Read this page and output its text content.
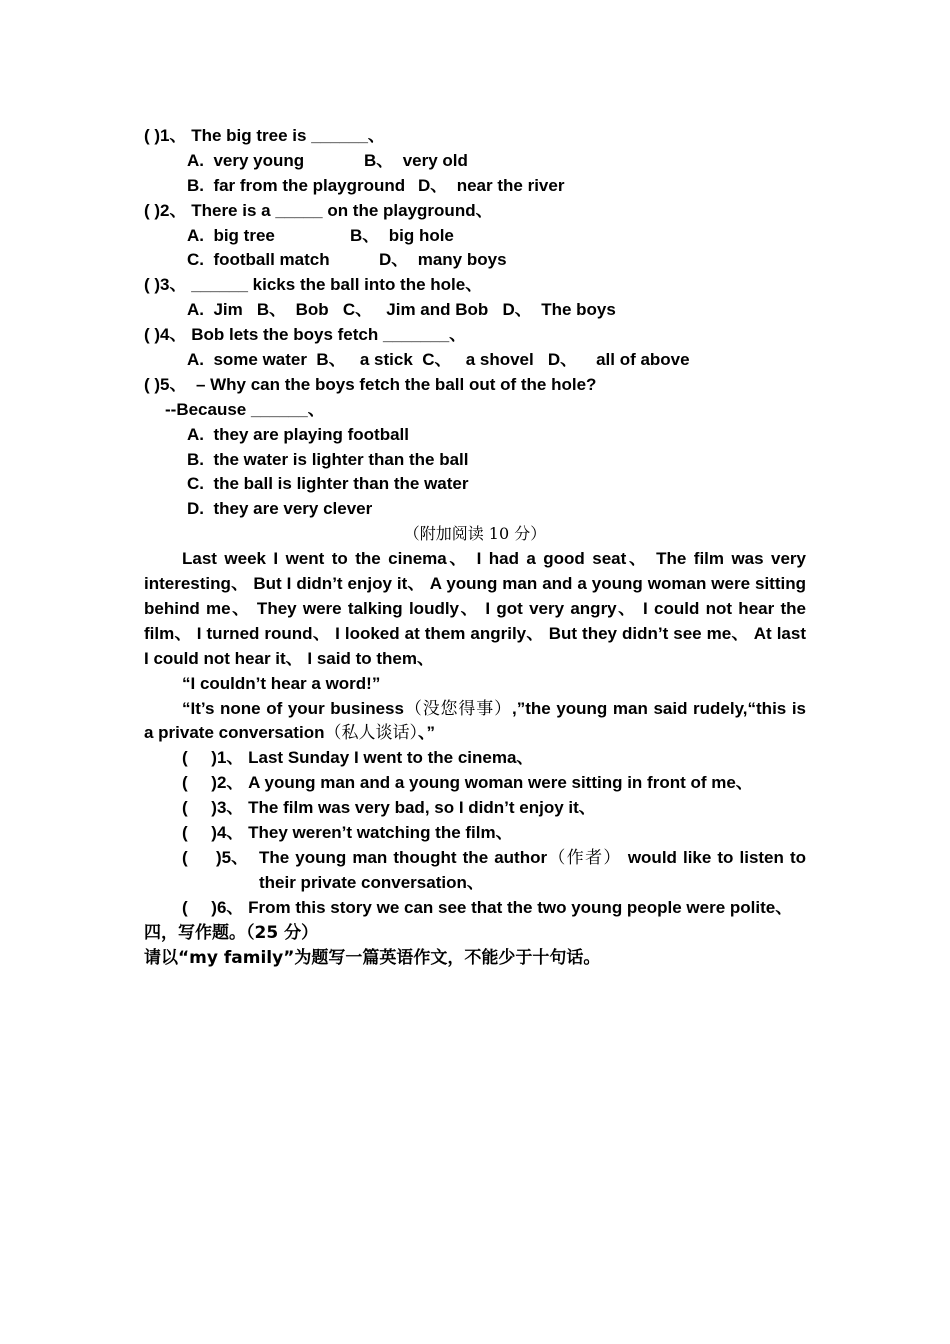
( )1、 The big tree is ______、
A.  very young	B、  very old
B.  far from the playground D、  near the river
( )2、 There is a _____ on the playground、
A.  big tree	B、  big hole
C.  football match	D、  many boys
( )3、 ______ kicks the ball into the hole、
A.  Jim   B、  Bob   C、   Jim and Bob   D、  The boys
( )4、 Bob lets the boys fetch _______、
A.  some water  B、   a stick  C、   a shovel   D、    all of above
( )5、  – Why can the boys fetch the ball out of the hole?
--Because ______、
A.  they are playing football
B.  the water is lighter than the ball
C.  the ball is lighter than the water
D.  they are very clever
（附加阅读 10 分）
Last week I went to the cinema、 I had a good seat、 The film was very interesting、 But I didn’t enjoy it、 A young man and a young woman were sitting behind me、 They were talking loudly、 I got very angry、 I could not hear the film、 I turned round、 I looked at them angrily、 But they didn’t see me、 At last I could not hear it、 I said to them、
“I couldn’t hear a word!”
“It’s none of your business（没您得事）,”the young man said rudely,“this is a private conversation（私人谈话）、”
(     )1、 Last Sunday I went to the cinema、
(     )2、 A young man and a young woman were sitting in front of me、
(     )3、 The film was very bad, so I didn’t enjoy it、
(     )4、 They weren’t watching the film、
(      )5、 The young man thought the author（作者） would like to listen to their private conversation、
(     )6、 From this story we can see that the two young people were polite、
四，写作题。（25 分）
请以“my family”为题写一篇英语作文，不能少于十句话。
